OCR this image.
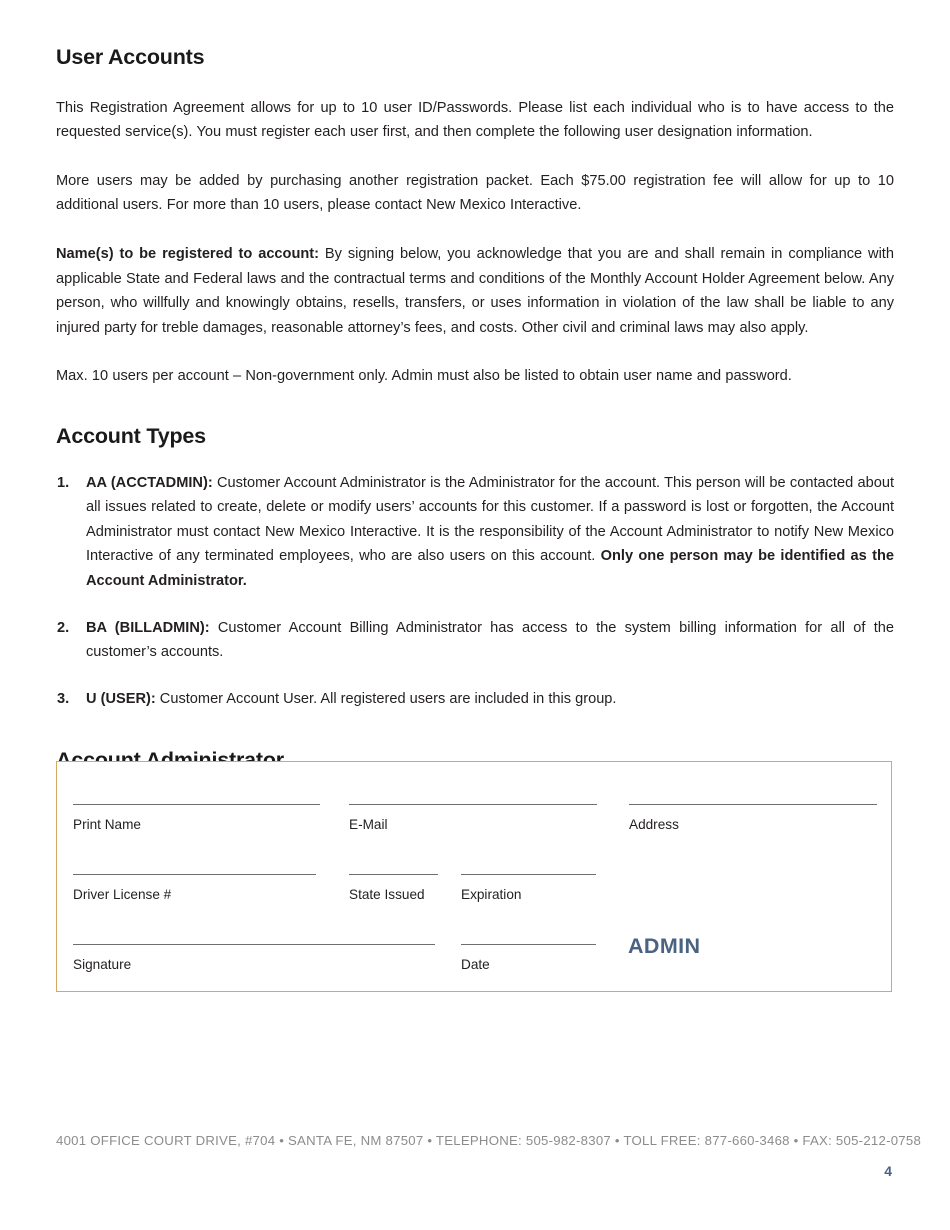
User Accounts

This Registration Agreement allows for up to 10 user ID/Passwords. Please list each individual who is to have access to the requested service(s). You must register each user first, and then complete the following user designation information.

More users may be added by purchasing another registration packet. Each $75.00 registration fee will allow for up to 10 additional users. For more than 10 users, please contact New Mexico Interactive.

Name(s) to be registered to account: By signing below, you acknowledge that you are and shall remain in compliance with applicable State and Federal laws and the contractual terms and conditions of the Monthly Account Holder Agreement below. Any person, who willfully and knowingly obtains, resells, transfers, or uses information in violation of the law shall be liable to any injured party for treble damages, reasonable attorney’s fees, and costs. Other civil and criminal laws may also apply.

Max. 10 users per account – Non-government only. Admin must also be listed to obtain user name and password.

Account Types
1. AA (ACCTADMIN): Customer Account Administrator is the Administrator for the account. This person will be contacted about all issues related to create, delete or modify users’ accounts for this customer. If a password is lost or forgotten, the Account Administrator must contact New Mexico Interactive. It is the responsibility of the Account Administrator to notify New Mexico Interactive of any terminated employees, who are also users on this account. Only one person may be identified as the Account Administrator.
2. BA (BILLADMIN): Customer Account Billing Administrator has access to the system billing information for all of the customer’s accounts.
3. U (USER): Customer Account User. All registered users are included in this group.
Print Name	E-Mail	Address
Driver License #	State Issued	Expiration
Signature	Date
ADMIN
4001 OFFICE COURT DRIVE, #704 • SANTA FE, NM 87507 • TELEPHONE: 505-982-8307 • TOLL FREE: 877-660-3468 • FAX: 505-212-0758
4
